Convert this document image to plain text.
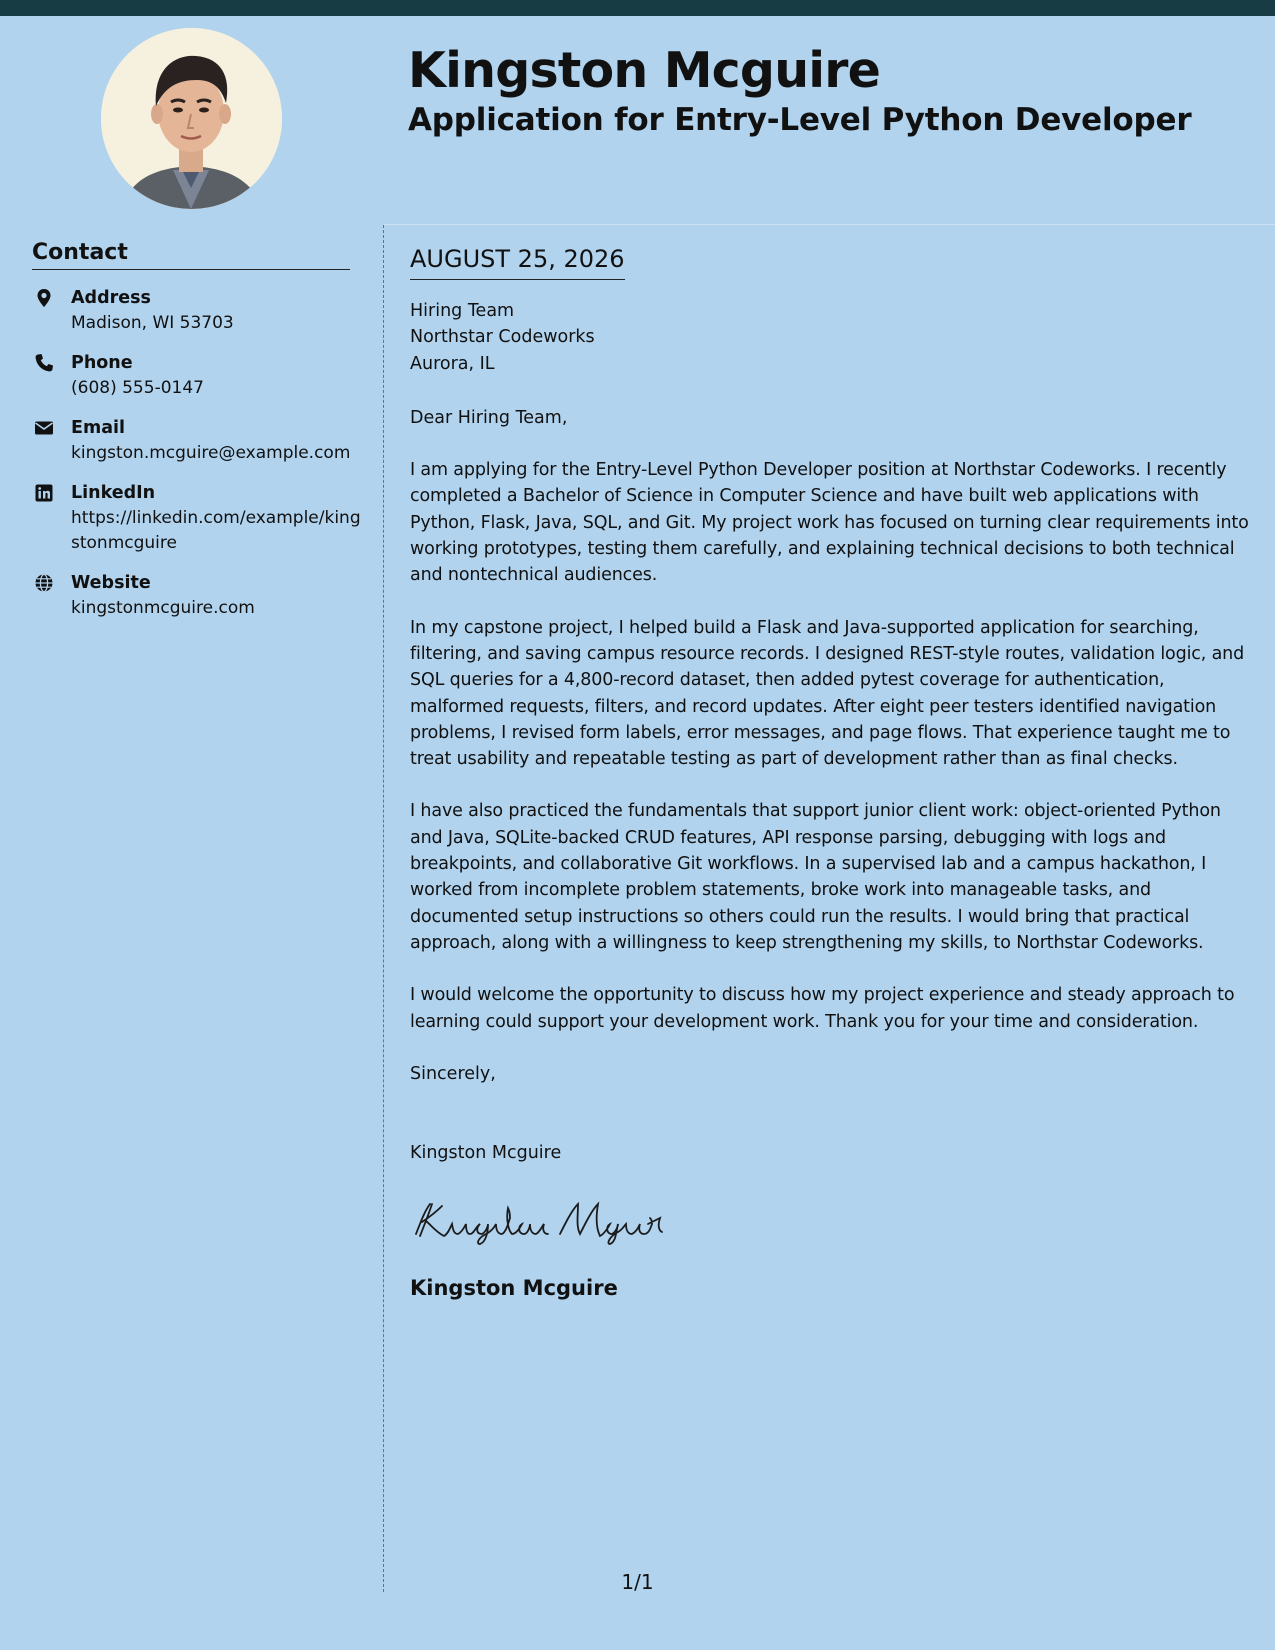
Kingston Mcguire
Application for Entry-Level Python Developer
Contact
Address
Madison, WI 53703
Phone
(608) 555-0147
Email
kingston.mcguire@example.com
LinkedIn
https://linkedin.com/example/kingstonmcguire
Website
kingstonmcguire.com
AUGUST 25, 2026
Hiring Team
Northstar Codeworks
Aurora, IL
Dear Hiring Team,

I am applying for the Entry-Level Python Developer position at Northstar Codeworks. I recently completed a Bachelor of Science in Computer Science and have built web applications with Python, Flask, Java, SQL, and Git. My project work has focused on turning clear requirements into working prototypes, testing them carefully, and explaining technical decisions to both technical and nontechnical audiences.

In my capstone project, I helped build a Flask and Java-supported application for searching, filtering, and saving campus resource records. I designed REST-style routes, validation logic, and SQL queries for a 4,800-record dataset, then added pytest coverage for authentication, malformed requests, filters, and record updates. After eight peer testers identified navigation problems, I revised form labels, error messages, and page flows. That experience taught me to treat usability and repeatable testing as part of development rather than as final checks.

I have also practiced the fundamentals that support junior client work: object-oriented Python and Java, SQLite-backed CRUD features, API response parsing, debugging with logs and breakpoints, and collaborative Git workflows. In a supervised lab and a campus hackathon, I worked from incomplete problem statements, broke work into manageable tasks, and documented setup instructions so others could run the results. I would bring that practical approach, along with a willingness to keep strengthening my skills, to Northstar Codeworks.

I would welcome the opportunity to discuss how my project experience and steady approach to learning could support your development work. Thank you for your time and consideration.

Sincerely,
Kingston Mcguire
Kingston Mcguire
1/1
